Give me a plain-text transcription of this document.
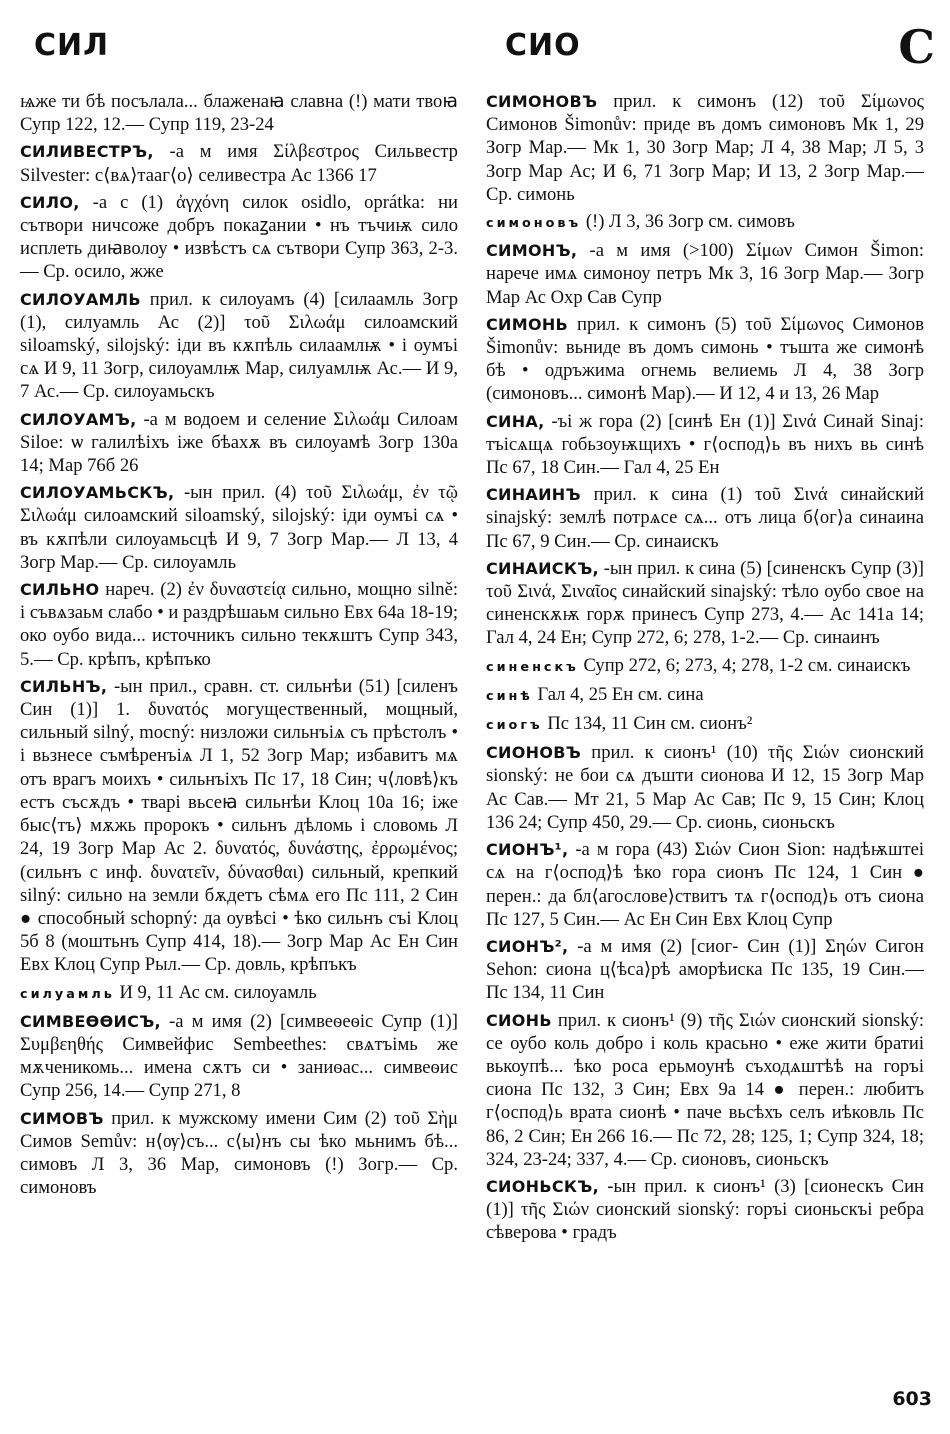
СИЛ	СИО	С

ѩже ти бѣ посълала... блаженаꙗ славна (!) мати твоꙗ Супр 122, 12.— Супр 119, 23-24

СИЛИВЕСТРЪ, -а м имя Σίλβεστρος Сильвестр Silvester: с⟨вѧ⟩тааг⟨о⟩ селивестра Ас 1366 17

СИЛО, -а с (1) ἀγχόνη силок osidlo, oprátka: ни сътвори ничсоже добръ покаꙁании • нъ тъчиѭ сило исплеть диꙗволоу • извѣстъ сѧ сътвори Супр 363, 2-3.— Ср. осило, жже

СИЛОУАМЛЬ прил. к силоуамъ (4) [силаамль Зогр (1), силуамль Ас (2)] τοῦ Σιλωάμ силоамский siloamský, silojský: іди въ кѫпѣль силаамлѭ • і оумъі сѧ И 9, 11 Зогр, силоуамлѭ Мар, силуамлѭ Ас.— И 9, 7 Ас.— Ср. силоуамьскъ

СИЛОУАМЪ, -а м водоем и селение Σιλωάμ Силоам Siloe: ѡ галилѣіхъ іже бѣахѫ въ силоуамѣ Зогр 130а 14; Мар 76б 26

СИЛОУАМЬСКЪ, -ын прил. (4) τοῦ Σιλωάμ, ἐν τῷ Σιλωάμ силоамский siloamský, silojský: іди оумъі сѧ • въ кѫпѣли силоуамьсцѣ И 9, 7 Зогр Мар.— Л 13, 4 Зогр Мар.— Ср. силоуамль

СИЛЬНО нареч. (2) ἐν δυναστείᾳ сильно, мощно silně: і съвѧзаьм слабо • и раздрѣшаьм сильно Евх 64а 18-19; око оубо вида... источникъ сильно текѫштъ Супр 343, 5.— Ср. крѣпъ, крѣпъко

СИЛЬНЪ, -ын прил., сравн. ст. сильнѣи (51) [силенъ Син (1)] 1. δυνατός могущественный, мощный, сильный silný, mocný: низложи сильнъіѧ съ прѣстолъ • і вьзнесе съмѣренъіѧ Л 1, 52 Зогр Мар; избавитъ мѧ отъ врагъ моихъ • сильнъіхъ Пс 17, 18 Син; ч⟨ловѣ⟩къ естъ съсѫдъ • тварі вьсеꙗ сильнѣи Клоц 10а 16; іже быс⟨тъ⟩ мѫжь пророкъ • сильнъ дѣломь і словомь Л 24, 19 Зогр Мар Ас 2. δυνατός, δυνάστης, ἐρρωμένος; (сильнъ с инф. δυνατεῖν, δύνασθαι) сильный, крепкий silný: сильно на земли бѫдетъ сѣмѧ его Пс 111, 2 Син ● способный schopný: да оувѣсі • ѣко сильнъ съі Клоц 5б 8 (моштьнъ Супр 414, 18).— Зогр Мар Ас Ен Син Евх Клоц Супр Рыл.— Ср. довль, крѣпъкъ

силуамль И 9, 11 Ас см. силоуамль

СИМВЕѲѲИСЪ, -а м имя (2) [симвеѳеѳіс Супр (1)] Συμβεηθής Симвейфис Sembeethes: свѧтъімь же мѫченикомь... имена сѫтъ си • заниѳас... симвеѳис Супр 256, 14.— Супр 271, 8

СИМОВЪ прил. к мужскому имени Сим (2) τοῦ Σὴμ Симов Semův: н⟨ѹ⟩съ... с⟨ы⟩нъ сы ѣко мьнимъ бѣ... симовъ Л 3, 36 Мар, симоновъ (!) Зогр.— Ср. симоновъ

СИМОНОВЪ прил. к симонъ (12) τοῦ Σίμωνος Симонов Šimonův: приде въ домъ симоновъ Мк 1, 29 Зогр Мар.— Мк 1, 30 Зогр Мар; Л 4, 38 Мар; Л 5, 3 Зогр Мар Ас; И 6, 71 Зогр Мар; И 13, 2 Зогр Мар.— Ср. симонь

симоновъ (!) Л 3, 36 Зогр см. симовъ

СИМОНЪ, -а м имя (>100) Σίμων Симон Šimon: нарече имѧ симоноу петръ Мк 3, 16 Зогр Мар.— Зогр Мар Ас Охр Сав Супр

СИМОНЬ прил. к симонъ (5) τοῦ Σίμωνος Симонов Šimonův: вьниде въ домъ симонь • тъшта же симонѣ бѣ • одръжима огнемь велиемь Л 4, 38 Зогр (симоновъ... симонѣ Мар).— И 12, 4 и 13, 26 Мар

СИНА, -ъі ж гора (2) [синѣ Ен (1)] Σινά Синай Sinaj: тъісѧщѧ гобьзоуѭщихъ • г⟨оспод⟩ь въ нихъ вь синѣ Пс 67, 18 Син.— Гал 4, 25 Ен

СИНАИНЪ прил. к сина (1) τοῦ Σινά синайский sinajský: землѣ потрѧсе сѧ... отъ лица б⟨ог⟩а синаина Пс 67, 9 Син.— Ср. синаискъ

СИНАИСКЪ, -ын прил. к сина (5) [синенскъ Супр (3)] τοῦ Σινά, Σιναῖος синайский sinajský: тѣло оубо свое на синенскѫѭ горѫ принесъ Супр 273, 4.— Ас 141а 14; Гал 4, 24 Ен; Супр 272, 6; 278, 1-2.— Ср. синаинъ

синенскъ Супр 272, 6; 273, 4; 278, 1-2 см. синаискъ

синѣ Гал 4, 25 Ен см. сина

сиогъ Пс 134, 11 Син см. сионъ²

СИОНОВЪ прил. к сионъ¹ (10) τῆς Σιών сионский sionský: не бои сѧ дъшти сионова И 12, 15 Зогр Мар Ас Сав.— Мт 21, 5 Мар Ас Сав; Пс 9, 15 Син; Клоц 136 24; Супр 450, 29.— Ср. сионь, сионьскъ

СИОНЪ¹, -а м гора (43) Σιών Сион Sion: надѣѭштеі сѧ на г⟨оспод⟩ѣ ѣко гора сионъ Пс 124, 1 Син ● перен.: да бл⟨агослове⟩ствитъ тѧ г⟨оспод⟩ь отъ сиона Пс 127, 5 Син.— Ас Ен Син Евх Клоц Супр

СИОНЪ², -а м имя (2) [сиог- Син (1)] Σηών Сигон Sehon: сиона ц⟨ѣса⟩рѣ аморѣиска Пс 135, 19 Син.— Пс 134, 11 Син

СИОНЬ прил. к сионъ¹ (9) τῆς Σιών сионский sionský: се оубо коль добро і коль красьно • еже жити братиі вькоупѣ... ѣко роса ерьмоунѣ съходѧштѣѣ на горъі сиона Пс 132, 3 Син; Евх 9а 14 ● перен.: любитъ г⟨оспод⟩ь врата сионѣ • паче вьсѣхъ селъ иѣковль Пс 86, 2 Син; Ен 266 16.— Пс 72, 28; 125, 1; Супр 324, 18; 324, 23-24; 337, 4.— Ср. сионовъ, сионьскъ

СИОНЬСКЪ, -ын прил. к сионъ¹ (3) [сионескъ Син (1)] τῆς Σιών сионский sionský: горъі сионьскъі ребра сѣверова • градъ

603
